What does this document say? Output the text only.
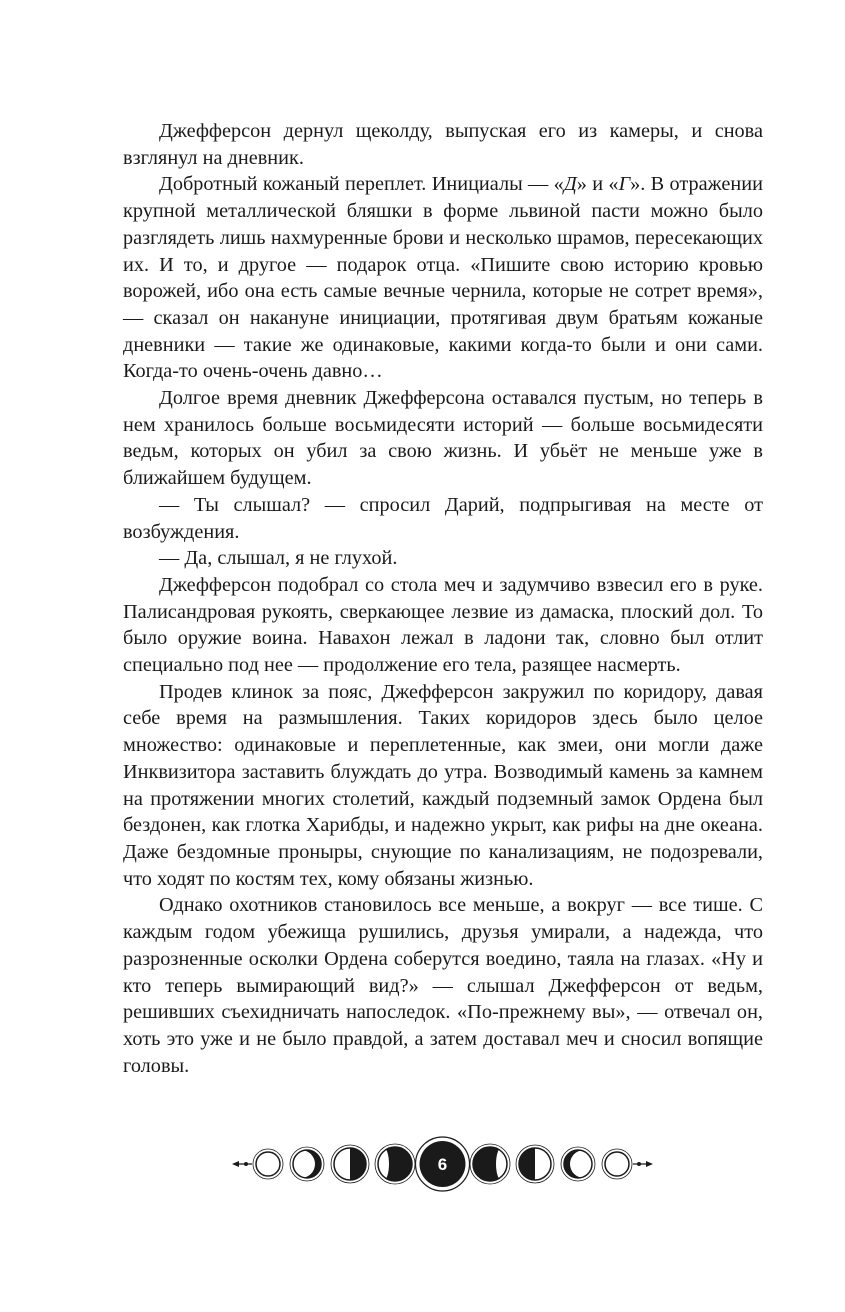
Джефферсон дернул щеколду, выпуская его из камеры, и снова взглянул на дневник.

Добротный кожаный переплет. Инициалы — «Д» и «Г». В отражении крупной металлической бляшки в форме львиной пасти можно было разглядеть лишь нахмуренные брови и несколько шрамов, пересекающих их. И то, и другое — подарок отца. «Пишите свою историю кровью ворожей, ибо она есть самые вечные чернила, которые не сотрет время», — сказал он накануне инициации, протягивая двум братьям кожаные дневники — такие же одинаковые, какими когда-то были и они сами. Когда-то очень-очень давно…

Долгое время дневник Джефферсона оставался пустым, но теперь в нем хранилось больше восьмидесяти историй — больше восьмидесяти ведьм, которых он убил за свою жизнь. И убьёт не меньше уже в ближайшем будущем.

— Ты слышал? — спросил Дарий, подпрыгивая на месте от возбуждения.

— Да, слышал, я не глухой.

Джефферсон подобрал со стола меч и задумчиво взвесил его в руке. Палисандровая рукоять, сверкающее лезвие из дамаска, плоский дол. То было оружие воина. Навахон лежал в ладони так, словно был отлит специально под нее — продолжение его тела, разящее насмерть.

Продев клинок за пояс, Джефферсон закружил по коридору, давая себе время на размышления. Таких коридоров здесь было целое множество: одинаковые и переплетенные, как змеи, они могли даже Инквизитора заставить блуждать до утра. Возводимый камень за камнем на протяжении многих столетий, каждый подземный замок Ордена был бездонен, как глотка Харибды, и надежно укрыт, как рифы на дне океана. Даже бездомные проныры, снующие по канализациям, не подозревали, что ходят по костям тех, кому обязаны жизнью.

Однако охотников становилось все меньше, а вокруг — все тише. С каждым годом убежища рушились, друзья умирали, а надежда, что разрозненные осколки Ордена соберутся воедино, таяла на глазах. «Ну и кто теперь вымирающий вид?» — слышал Джефферсон от ведьм, решивших съехидничать напоследок. «По-прежнему вы», — отвечал он, хоть это уже и не было правдой, а затем доставал меч и сносил вопящие головы.

6
